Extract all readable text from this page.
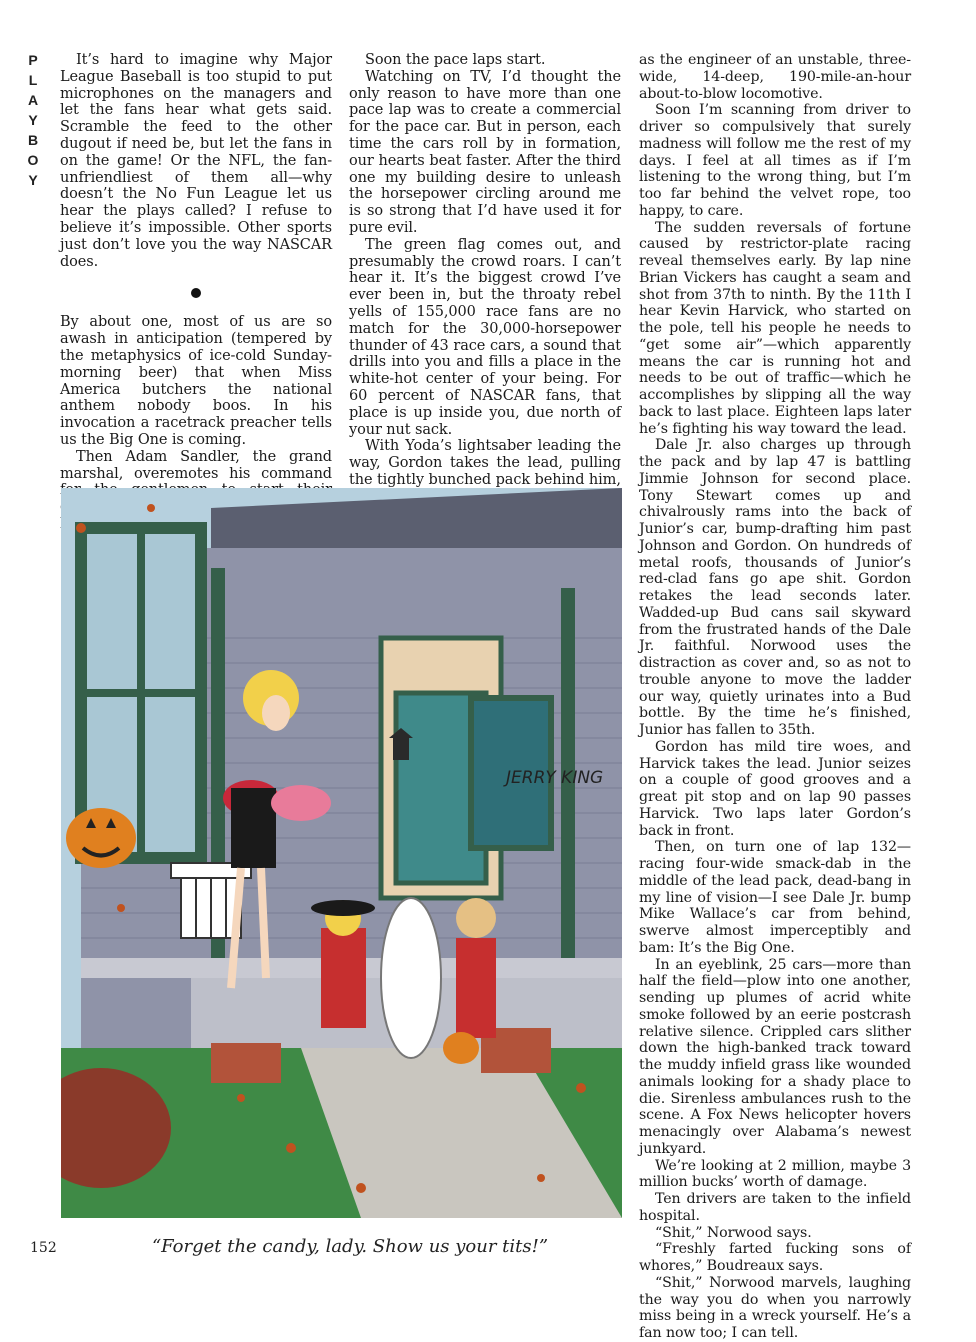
P
L
A
Y
B
O
Y

It’s hard to imagine why Major League Baseball is too stupid to put microphones on the managers and let the fans hear what gets said. Scramble the feed to the other dugout if need be, but let the fans in on the game! Or the NFL, the fan-unfriendliest of them all—why doesn’t the No Fun League let us hear the plays called? I refuse to believe it’s impossible. Other sports just don’t love you the way NASCAR does.

By about one, most of us are so awash in anticipation (tempered by the metaphysics of ice-cold Sunday-morning beer) that when Miss America butchers the national anthem nobody boos. In his invocation a racetrack preacher tells us the Big One is coming.

Then Adam Sandler, the grand marshal, overemotes his command

Soon the pace laps start.

Watching on TV, I’d thought the only reason to have more than one pace lap was to create a commercial for the pace car. But in person, each time the cars roll by in formation, our hearts beat faster. After the third one my building desire to unleash the horsepower circling around me is so strong that I’d have used it for pure evil.

The green flag comes out, and presumably the crowd roars. I can’t hear it. It’s the biggest crowd I’ve ever been in, but the throaty rebel yells of 155,000 race fans are no match for the 30,000-horsepower thunder of 43 race cars, a sound that drills into you and fills a place in the white-hot center of your being. For 60 percent of NASCAR fans, that place is up inside you, due north of your nut sack.

With Yoda’s lightsaber leading the way, Gordon takes the lead, pulling the tightly bunched pack behind him,

as the engineer of an unstable, three-wide, 14-deep, 190-mile-an-hour about-to-blow locomotive.

Soon I’m scanning from driver to driver so compulsively that surely madness will follow me the rest of my days. I feel at all times as if I’m listening to the wrong thing, but I’m too far behind the velvet rope, too happy, to care.

The sudden reversals of fortune caused by restrictor-plate racing reveal themselves early. By lap nine Brian Vickers has caught a seam and shot from 37th to ninth. By the 11th I hear Kevin Harvick, who started on the pole, tell his people he needs to “get some air”—which apparently means the car is running hot and needs to be out of traffic—which he accomplishes by slipping all the way back to last place. Eighteen laps later he’s fighting his way toward the lead.

Dale Jr. also charges up through the pack and by lap 47 is battling Jimmie Johnson for second place. Tony Stewart comes up and chivalrously rams into the back of Junior’s car, bump-drafting him past Johnson and Gordon. On hundreds of metal roofs, thousands of Junior’s red-clad fans go ape shit. Gordon retakes the lead seconds later. Wadded-up Bud cans sail skyward from the frustrated hands of the Dale Jr. faithful. Norwood uses the distraction as cover and, so as not to trouble anyone to move the ladder our way, quietly urinates into a Bud bottle. By the time he’s finished, Junior has fallen to 35th.

Gordon has mild tire woes, and Harvick takes the lead. Junior seizes on a couple of good grooves and a great pit stop and on lap 90 passes Harvick. Two laps later Gordon’s back in front.

Then, on turn one of lap 132—racing four-wide smack-dab in the middle of the lead pack, dead-bang in my line of vision—I see Dale Jr. bump Mike Wallace’s car from behind, swerve almost imperceptibly and bam: It’s the Big One.

In an eyeblink, 25 cars—more than half the field—plow into one another, sending up plumes of acrid white smoke followed by an eerie postcrash relative silence. Crippled cars slither down the high-banked track toward the muddy infield grass like wounded animals looking for a shady place to die. Sirenless ambulances rush to the scene. A Fox News helicopter hovers menacingly over Alabama’s newest junkyard.

We’re looking at 2 million, maybe 3 million bucks’ worth of damage.

Ten drivers are taken to the infield hospital.

“Shit,” Norwood says.

“Freshly farted fucking sons of whores,” Boudreaux says.

“Shit,” Norwood marvels, laughing the way you do when you narrowly miss being in a wreck yourself. He’s a fan now too; I can tell.

JERRY KING
152	“Forget the candy, lady. Show us your tits!”
